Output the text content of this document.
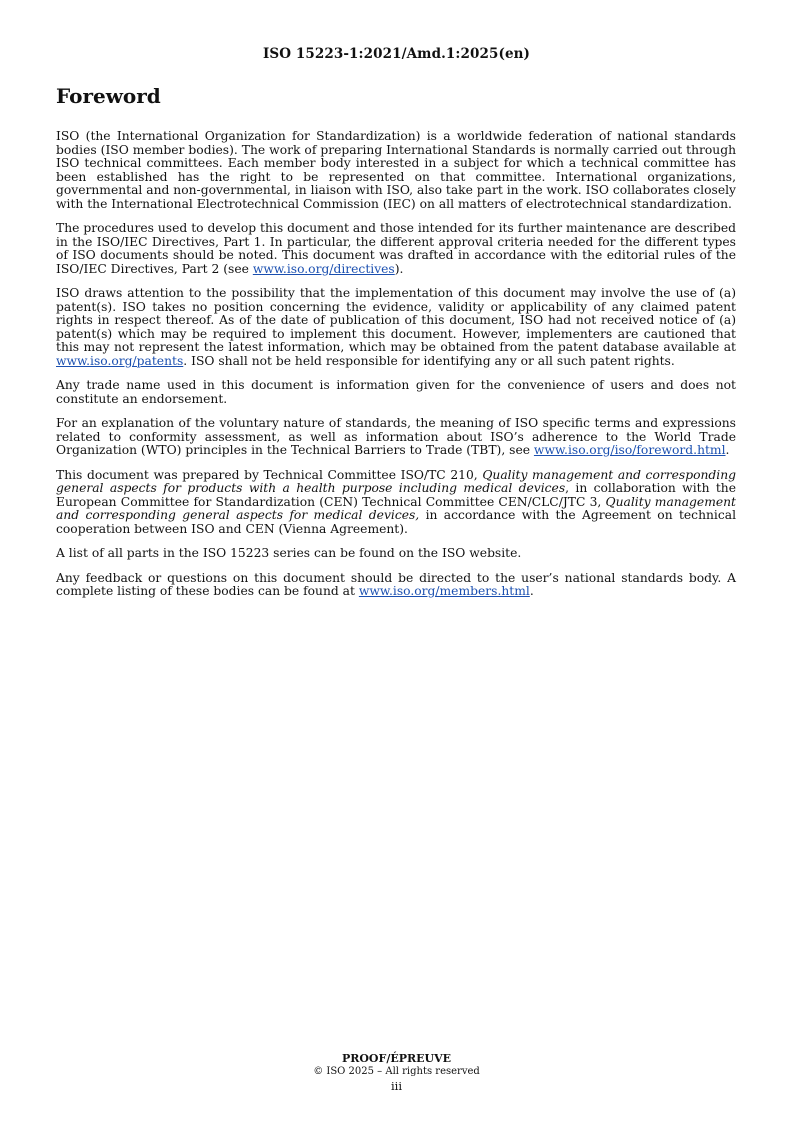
ISO 15223-1:2021/Amd.1:2025(en)
Foreword

ISO (the International Organization for Standardization) is a worldwide federation of national standards bodies (ISO member bodies). The work of preparing International Standards is normally carried out through ISO technical committees. Each member body interested in a subject for which a technical committee has been established has the right to be represented on that committee. International organizations, governmental and non-governmental, in liaison with ISO, also take part in the work. ISO collaborates closely with the International Electrotechnical Commission (IEC) on all matters of electrotechnical standardization.

The procedures used to develop this document and those intended for its further maintenance are described in the ISO/IEC Directives, Part 1. In particular, the different approval criteria needed for the different types of ISO documents should be noted. This document was drafted in accordance with the editorial rules of the ISO/IEC Directives, Part 2 (see www.iso.org/directives).

ISO draws attention to the possibility that the implementation of this document may involve the use of (a) patent(s). ISO takes no position concerning the evidence, validity or applicability of any claimed patent rights in respect thereof. As of the date of publication of this document, ISO had not received notice of (a) patent(s) which may be required to implement this document. However, implementers are cautioned that this may not represent the latest information, which may be obtained from the patent database available at www.iso.org/patents. ISO shall not be held responsible for identifying any or all such patent rights.

Any trade name used in this document is information given for the convenience of users and does not constitute an endorsement.

For an explanation of the voluntary nature of standards, the meaning of ISO specific terms and expressions related to conformity assessment, as well as information about ISO’s adherence to the World Trade Organization (WTO) principles in the Technical Barriers to Trade (TBT), see www.iso.org/iso/foreword.html.

This document was prepared by Technical Committee ISO/TC 210, Quality management and corresponding general aspects for products with a health purpose including medical devices, in collaboration with the European Committee for Standardization (CEN) Technical Committee CEN/CLC/JTC 3, Quality management and corresponding general aspects for medical devices, in accordance with the Agreement on technical cooperation between ISO and CEN (Vienna Agreement).

A list of all parts in the ISO 15223 series can be found on the ISO website.

Any feedback or questions on this document should be directed to the user’s national standards body. A complete listing of these bodies can be found at www.iso.org/members.html.

PROOF/ÉPREUVE
© ISO 2025 – All rights reserved
iii
